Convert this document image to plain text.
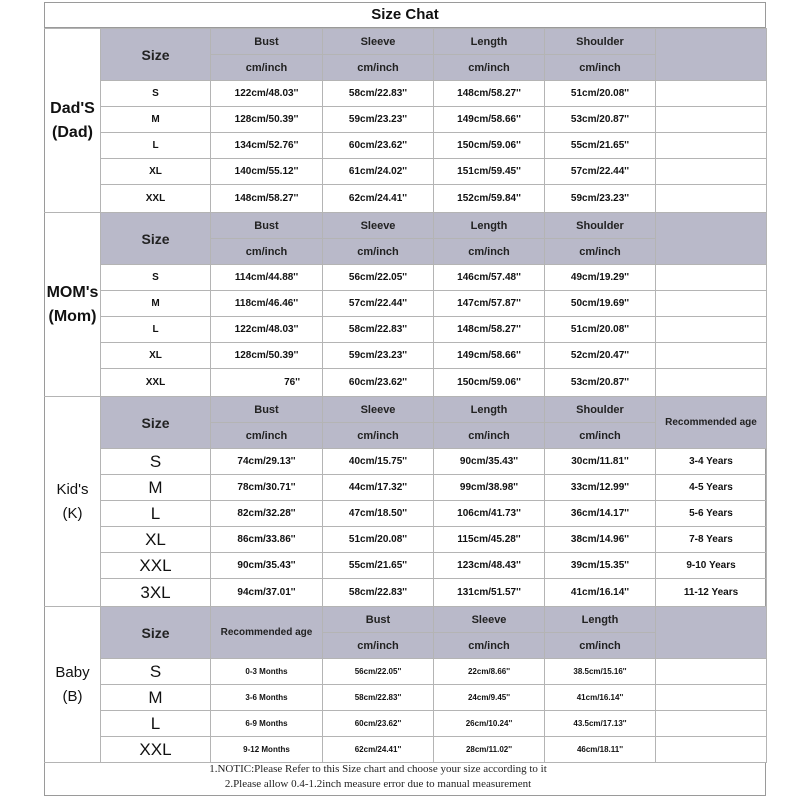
Size Chat
Dad'S
(Dad)	Size	Bust	Sleeve	Length	Shoulder	
		cm/inch	cm/inch	cm/inch	cm/inch	
	S	122cm/48.03''	58cm/22.83''	148cm/58.27''	51cm/20.08''	
	M	128cm/50.39''	59cm/23.23''	149cm/58.66''	53cm/20.87''	
	L	134cm/52.76''	60cm/23.62''	150cm/59.06''	55cm/21.65''	
	XL	140cm/55.12''	61cm/24.02''	151cm/59.45''	57cm/22.44''	
	XXL	148cm/58.27''	62cm/24.41''	152cm/59.84''	59cm/23.23''	
MOM's
(Mom)	Size	Bust	Sleeve	Length	Shoulder	
		cm/inch	cm/inch	cm/inch	cm/inch	
	S	114cm/44.88''	56cm/22.05''	146cm/57.48''	49cm/19.29''	
	M	118cm/46.46''	57cm/22.44''	147cm/57.87''	50cm/19.69''	
	L	122cm/48.03''	58cm/22.83''	148cm/58.27''	51cm/20.08''	
	XL	128cm/50.39''	59cm/23.23''	149cm/58.66''	52cm/20.47''	
	XXL	76''	60cm/23.62''	150cm/59.06''	53cm/20.87''	
Kid's
(K)	Size	Bust	Sleeve	Length	Shoulder	Recommended age
		cm/inch	cm/inch	cm/inch	cm/inch	
	S	74cm/29.13''	40cm/15.75''	90cm/35.43''	30cm/11.81''	3-4 Years
	M	78cm/30.71''	44cm/17.32''	99cm/38.98''	33cm/12.99''	4-5 Years
	L	82cm/32.28''	47cm/18.50''	106cm/41.73''	36cm/14.17''	5-6 Years
	XL	86cm/33.86''	51cm/20.08''	115cm/45.28''	38cm/14.96''	7-8 Years
	XXL	90cm/35.43''	55cm/21.65''	123cm/48.43''	39cm/15.35''	9-10 Years
	3XL	94cm/37.01''	58cm/22.83''	131cm/51.57''	41cm/16.14''	11-12 Years
Baby
(B)	Size	Recommended age	Bust	Sleeve	Length	
			cm/inch	cm/inch	cm/inch	
	S	0-3 Months	56cm/22.05''	22cm/8.66''	38.5cm/15.16''	
	M	3-6 Months	58cm/22.83''	24cm/9.45''	41cm/16.14''	
	L	6-9 Months	60cm/23.62''	26cm/10.24''	43.5cm/17.13''	
	XXL	9-12 Months	62cm/24.41''	28cm/11.02''	46cm/18.11''	
1.NOTIC:Please Refer to this Size chart and choose your size according to it
2.Please allow 0.4-1.2inch measure error due to manual measurement
